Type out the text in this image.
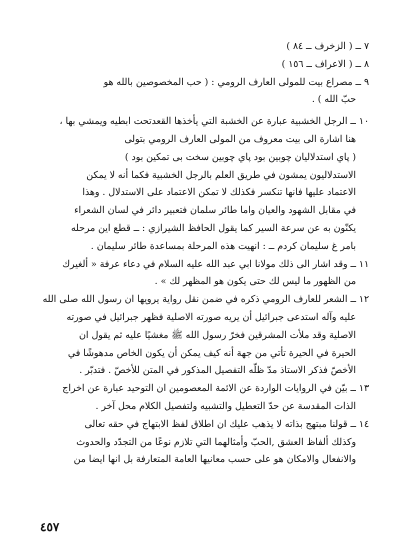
٧ ــ ( الزخرف ــ ٨٤ )
٨ ــ ( الاعراف ــ ١٥٦ )
٩ ــ مصراع بيت للمولى العارف الرومي : ( حب المخصوصين بالله هو
حبّ الله ) .
١٠ ــ الرجل الخشبية عبارة عن الخشبة التي يأخذها القعدتحت ابطيه ويمشي بها ،
هنا اشارة الى بيت معروف من المولى العارف الرومي بتولى
( پاي استدلاليان چوبين بود پاي چوبين سخت بى تمكين بود )
الاستدلاليون يمشون في طريق العلم بالرجل الخشبية فكما أنه لا يمكن
الاعتماد عليها فانها تنكسر فكذلك لا تمكن الاعتماد على الاستدلال . وهذا
في مقابل الشهود والعيان واما طائر سلمان فتعبير دائر في لسان الشعراء
يكنّون به عن سرعة السير كما يقول الحافظ الشيرازي : ــ قطع اين مرحله
بامر غ سليمان كردم ــ : انهيت هذه المرحلة بمساعدة طائر سليمان .
١١ ــ وقد اشار الى ذلك مولانا ابي عبد الله عليه السلام في دعاء عرفة « ألغيرك
من الظهور ما ليس لك حتى يكون هو المظهر لك » .
١٢ ــ الشعر للعارف الرومي ذكره في ضمن نقل رواية يرويها ان رسول الله صلى الله
عليه وآله استدعى جبرائيل أن يريه صورته الاصلية فظهر جبرائيل في صورته
الاصلية وقد ملأت المشرقين فخرّ رسول الله ﷺ مغشيًا عليه ثم يقول ان
الحيرة في الحيرة تأتي من جهة أنه كيف يمكن أن يكون الخاص مدهوشًا في
الأخصّ فذكر الاستاذ مدّ ظلّه التفصيل المذكور في المتن للأخصّ . فتدبّر .
١٣ ــ بيّن في الروايات الواردة عن الائمة المعصومين ان التوحيد عبارة عن اخراج
الذات المقدسة عن حدّ التعطيل والتشبيه ولتفصيل الكلام محل آخر .
١٤ ــ قولنا مبتهج بذاته لا يذهب عليك ان اطلاق لفظ الابتهاج في حقه تعالى
وكذلك ألفاظ العشق ,الحبّ وأمثالهما التي تلازم نوعًا من التجدّد والحدوث
والانفعال والامكان هو على حسب معانيها العامة المتعارفة بل انها ايضا من
٤٥٧
